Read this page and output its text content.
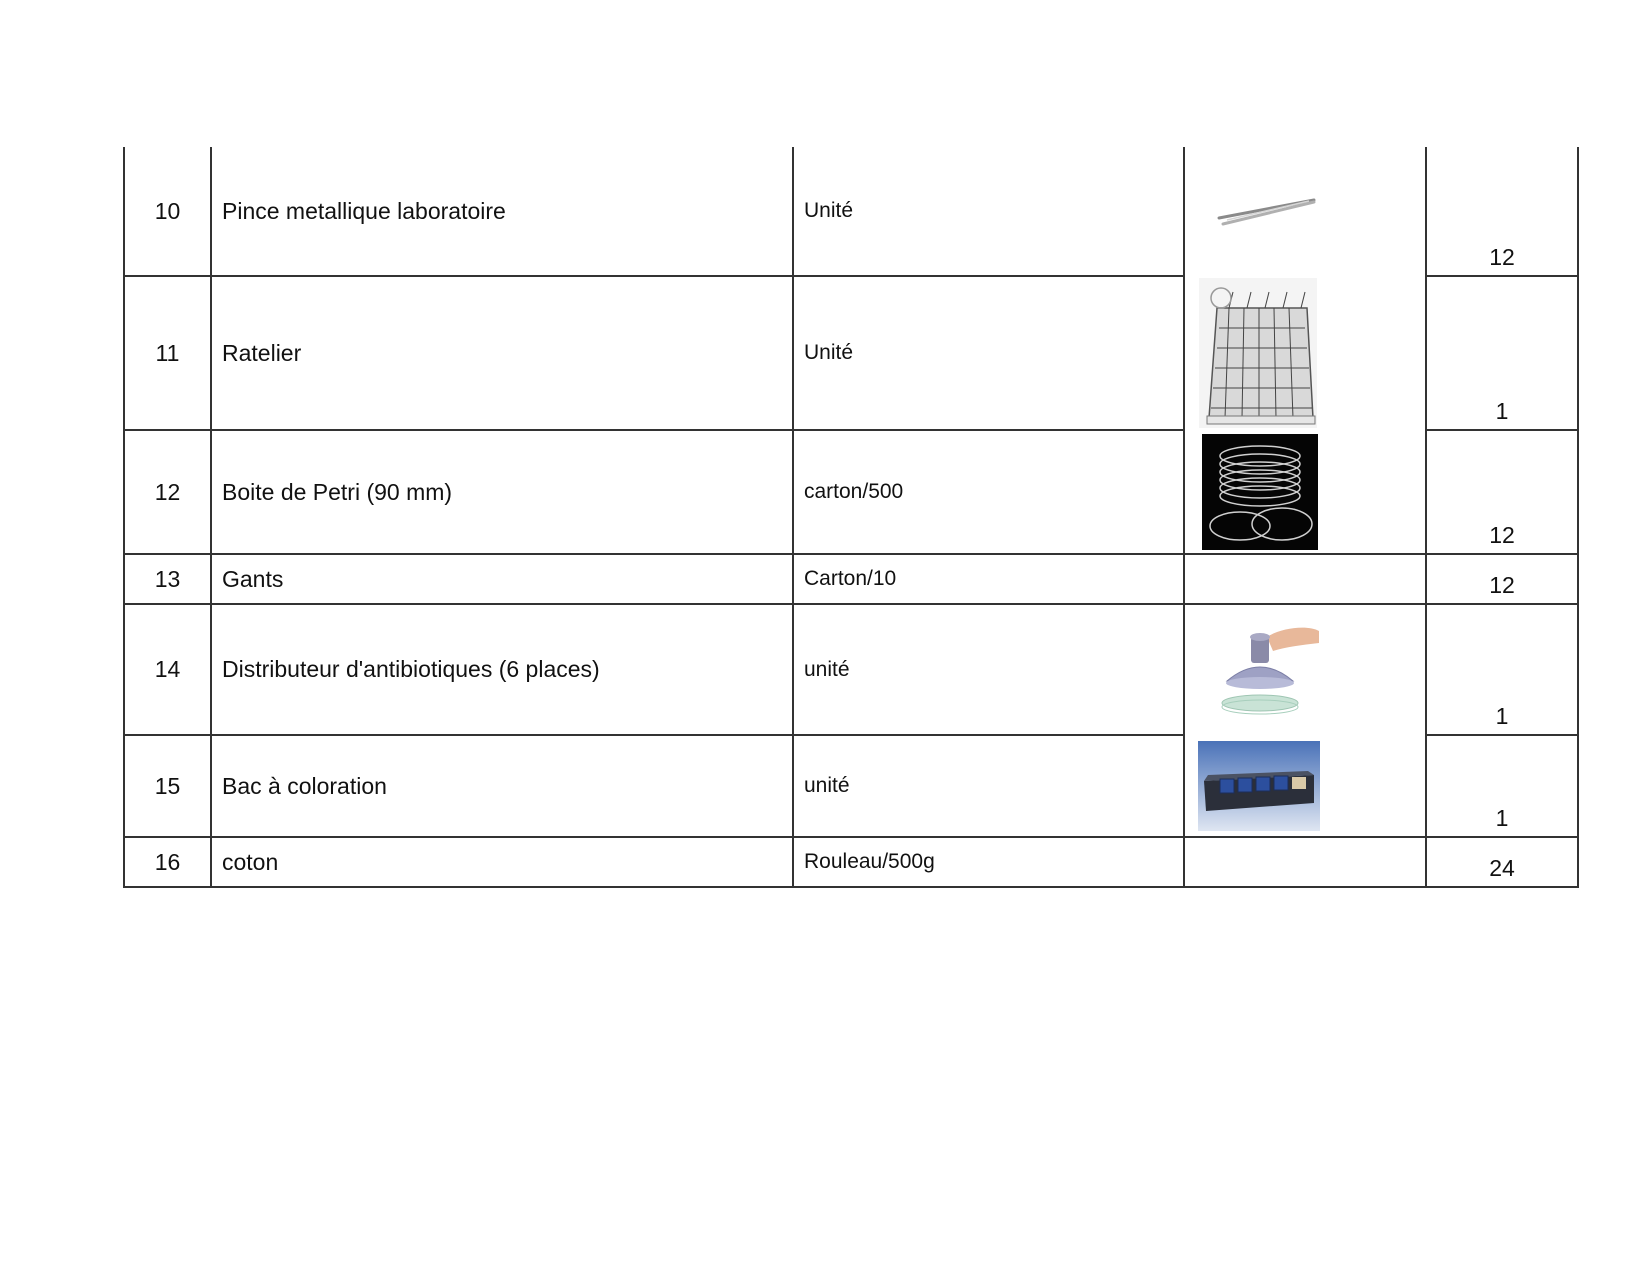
10	Pince metallique laboratoire	Unité		12
11	Ratelier	Unité		1
12	Boite de Petri (90 mm)	carton/500		12
13	Gants	Carton/10		12
14	Distributeur d'antibiotiques (6 places)	unité		1
15	Bac à coloration	unité		1
16	coton	Rouleau/500g		24
